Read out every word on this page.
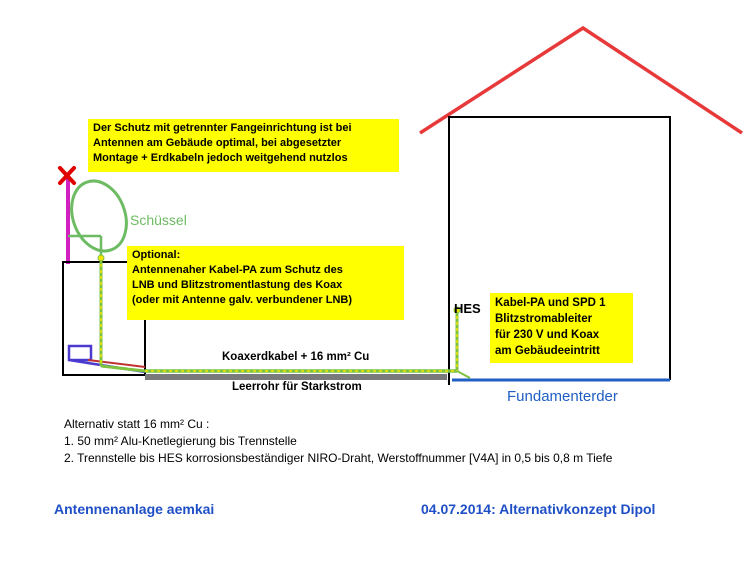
Der Schutz mit getrennter Fangeinrichtung ist bei
Antennen am Gebäude optimal, bei abgesetzter
Montage + Erdkabeln jedoch weitgehend nutzlos
Optional:
Antennenaher Kabel-PA zum Schutz des
LNB und Blitzstromentlastung des Koax
(oder mit Antenne galv. verbundener LNB)	Kabel-PA und SPD 1
Blitzstromableiter
für 230 V und Koax
am Gebäudeeintritt
Schüssel
HES
Koaxerdkabel + 16 mm² Cu
Leerrohr für Starkstrom
Fundamenterder
Alternativ statt 16 mm² Cu :
1. 50 mm² Alu-Knetlegierung bis Trennstelle
2. Trennstelle bis HES korrosionsbeständiger NIRO-Draht, Werstoffnummer [V4A] in 0,5 bis 0,8 m Tiefe
Antennenanlage aemkai	04.07.2014: Alternativkonzept Dipol
